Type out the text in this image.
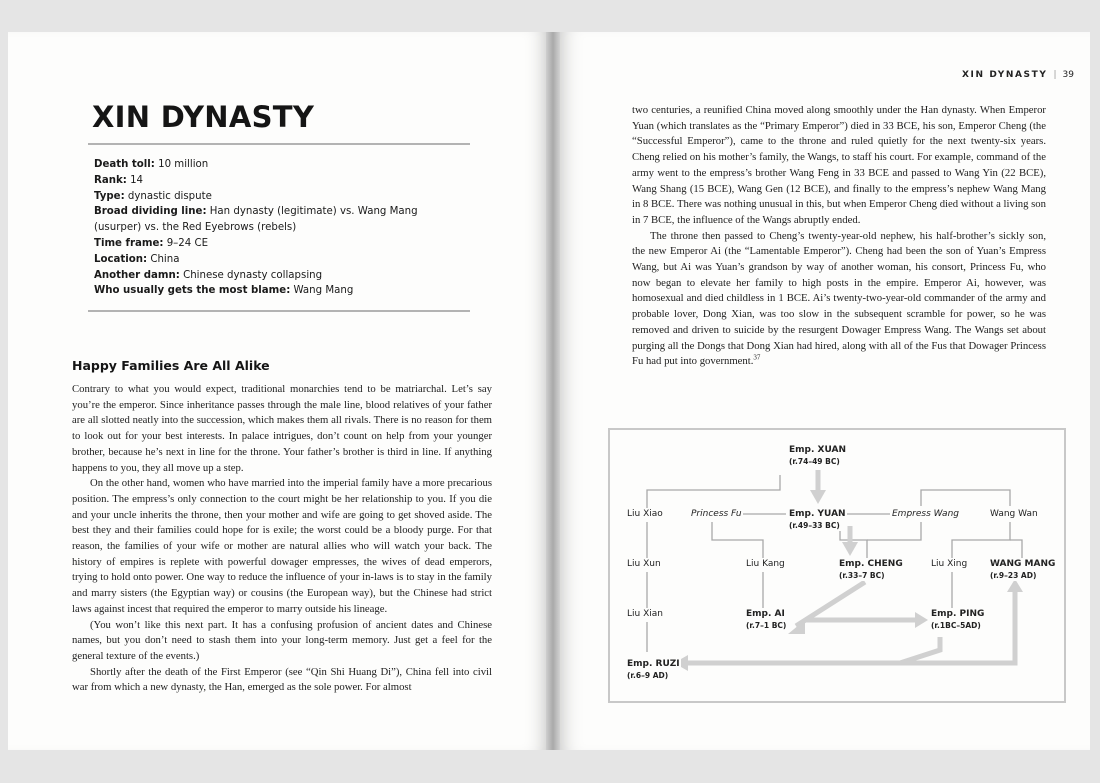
XIN DYNASTY
Death toll: 10 million
Rank: 14
Type: dynastic dispute
Broad dividing line: Han dynasty (legitimate) vs. Wang Mang (usurper) vs. the Red Eyebrows (rebels)
Time frame: 9–24 CE
Location: China
Another damn: Chinese dynasty collapsing
Who usually gets the most blame: Wang Mang
Happy Families Are All Alike

Contrary to what you would expect, traditional monarchies tend to be matriarchal. Let’s say you’re the emperor. Since inheritance passes through the male line, blood relatives of your father are all slotted neatly into the succession, which makes them all rivals. There is no reason for them to look out for your best interests. In palace intrigues, don’t count on help from your younger brother, because he’s next in line for the throne. Your father’s brother is third in line. If anything happens to you, they all move up a step.

On the other hand, women who have married into the imperial family have a more precarious position. The empress’s only connection to the court might be her relationship to you. If you die and your uncle inherits the throne, then your mother and wife are going to get shoved aside. The best they and their families could hope for is exile; the worst could be a bloody purge. For that reason, the families of your wife or mother are natural allies who will watch your back. The history of empires is replete with powerful dowager empresses, the wives of dead emperors, trying to hold onto power. One way to reduce the influence of your in-laws is to stay in the family and marry sisters (the Egyptian way) or cousins (the European way), but the Chinese had strict laws against incest that required the emperor to marry outside his lineage.

(You won’t like this next part. It has a confusing profusion of ancient dates and Chinese names, but you don’t need to stash them into your long-term memory. Just get a feel for the general texture of the events.)

Shortly after the death of the First Emperor (see “Qin Shi Huang Di”), China fell into civil war from which a new dynasty, the Han, emerged as the sole power. For almost

XIN DYNASTY | 39

two centuries, a reunified China moved along smoothly under the Han dynasty. When Emperor Yuan (which translates as the “Primary Emperor”) died in 33 BCE, his son, Emperor Cheng (the “Successful Emperor”), came to the throne and ruled quietly for the next twenty-six years. Cheng relied on his mother’s family, the Wangs, to staff his court. For example, command of the army went to the empress’s brother Wang Feng in 33 BCE and passed to Wang Yin (22 BCE), Wang Shang (15 BCE), Wang Gen (12 BCE), and finally to the empress’s nephew Wang Mang in 8 BCE. There was nothing unusual in this, but when Emperor Cheng died without a living son in 7 BCE, the influence of the Wangs abruptly ended.

The throne then passed to Cheng’s twenty-year-old nephew, his half-brother’s sickly son, the new Emperor Ai (the “Lamentable Emperor”). Cheng had been the son of Yuan’s Empress Wang, but Ai was Yuan’s grandson by way of another woman, his consort, Princess Fu, who now began to elevate her family to high posts in the empire. Emperor Ai, however, was homosexual and died childless in 1 BCE. Ai’s twenty-two-year-old commander of the army and probable lover, Dong Xian, was too slow in the subsequent scramble for power, so he was removed and driven to suicide by the resurgent Dowager Empress Wang. The Wangs set about purging all the Dongs that Dong Xian had hired, along with all of the Fus that Dowager Princess Fu had put into government.$^{37}$

Emp. XUAN
(r.74–49 BC)
Liu Xiao	Princess Fu	Emp. YUAN
(r.49–33 BC)
Empress Wang	Wang Wan
Liu Xun	Liu Kang	Emp. CHENG
(r.33–7 BC)
Liu Xing	WANG MANG
(r.9–23 AD)
Liu Xian	Emp. AI
(r.7–1 BC)
Emp. PING
(r.1BC–5AD)
Emp. RUZI
(r.6–9 AD)
